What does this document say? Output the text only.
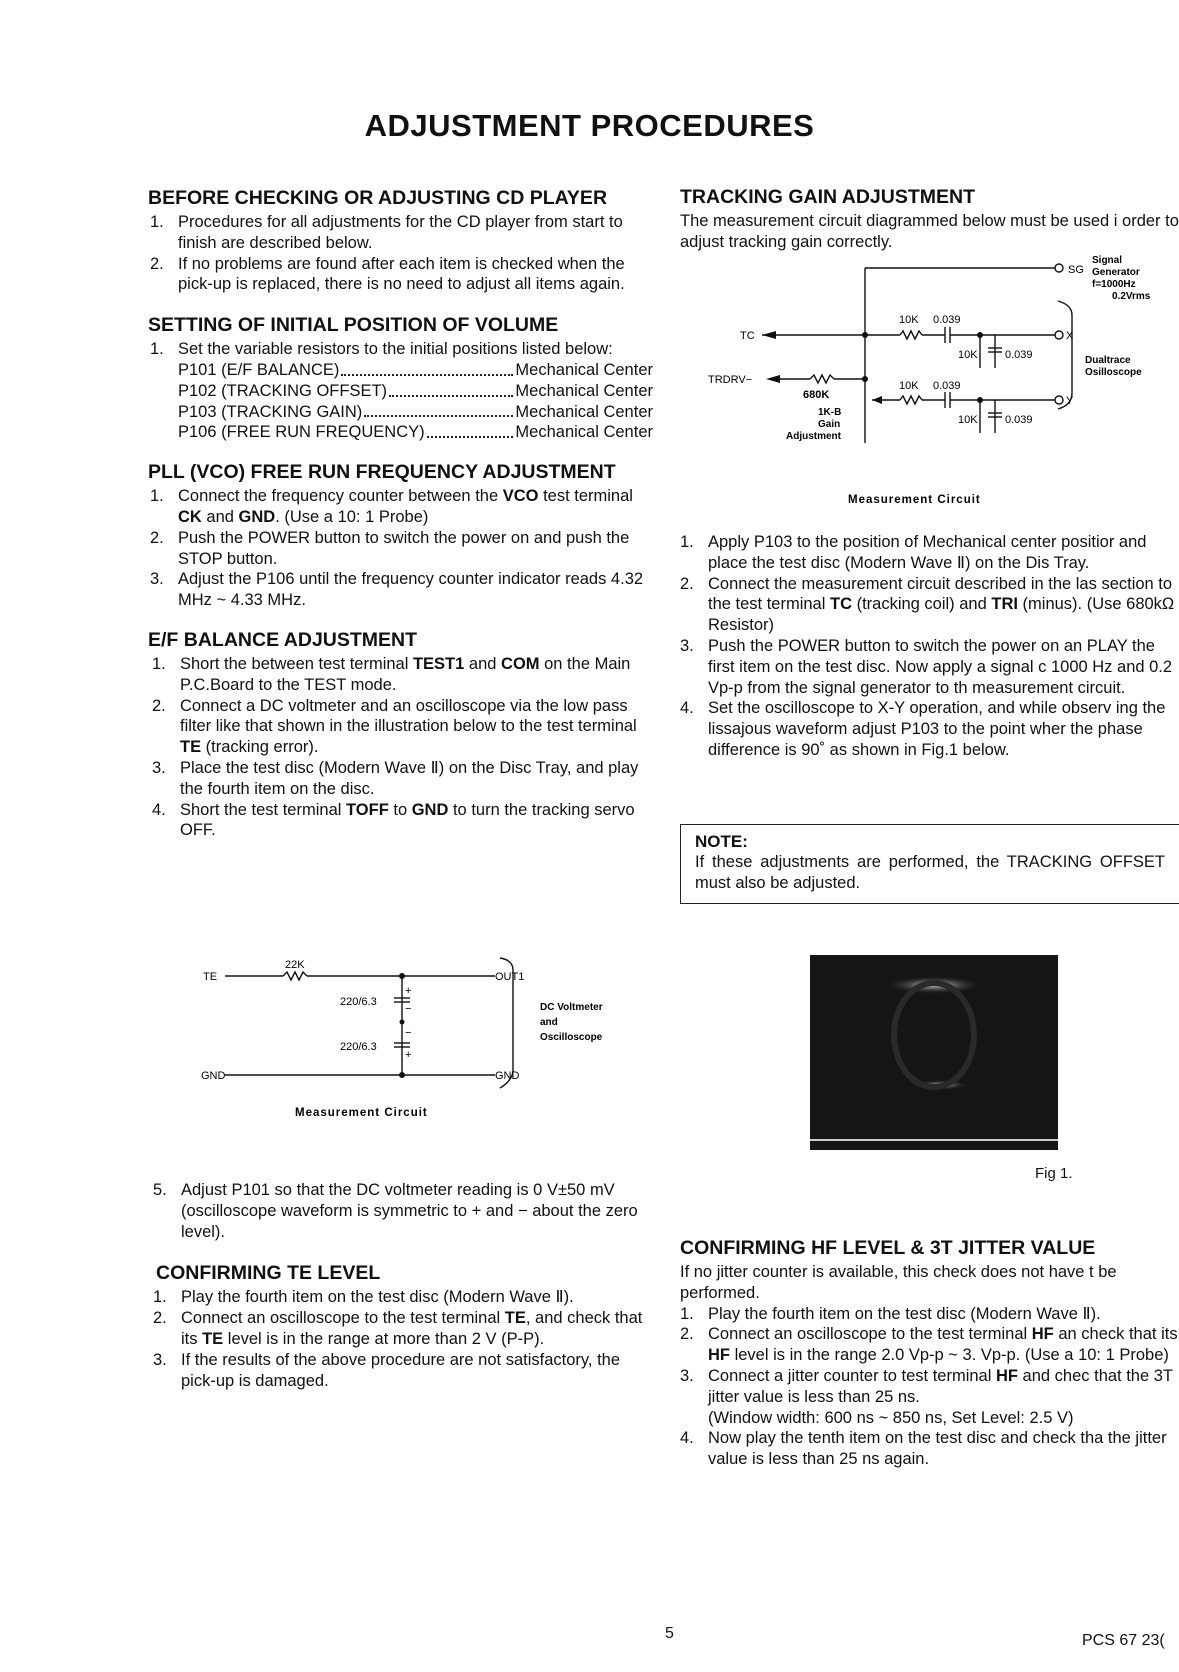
ADJUSTMENT PROCEDURES
BEFORE CHECKING OR ADJUSTING CD PLAYER
1. Procedures for all adjustments for the CD player from start to finish are described below.
2. If no problems are found after each item is checked when the pick-up is replaced, there is no need to adjust all items again.
SETTING OF INITIAL POSITION OF VOLUME
1. Set the variable resistors to the initial positions listed below:
P101 (E/F BALANCE)	Mechanical Center
P102 (TRACKING OFFSET)	Mechanical Center
P103 (TRACKING GAIN)	Mechanical Center
P106 (FREE RUN FREQUENCY)	Mechanical Center
PLL (VCO) FREE RUN FREQUENCY ADJUSTMENT
1. Connect the frequency counter between the VCO test terminal CK and GND. (Use a 10: 1 Probe)
2. Push the POWER button to switch the power on and push the STOP button.
3. Adjust the P106 until the frequency counter indicator reads 4.32 MHz ~ 4.33 MHz.
E/F BALANCE ADJUSTMENT
1. Short the between test terminal TEST1 and COM on the Main P.C.Board to the TEST mode.
2. Connect a DC voltmeter and an oscilloscope via the low pass filter like that shown in the illustration below to the test terminal TE (tracking error).
3. Place the test disc (Modern Wave Ⅱ) on the Disc Tray, and play the fourth item on the disc.
4. Short the test terminal TOFF to GND to turn the tracking servo OFF.
TE
GND
22K
220/6.3
220/6.3
+
−
−
+
OUT1
GND
DC Voltmeter
and
Oscilloscope
Measurement Circuit
5. Adjust P101 so that the DC voltmeter reading is 0 V±50 mV (oscilloscope waveform is symmetric to + and − about the zero level).
CONFIRMING TE LEVEL
1. Play the fourth item on the test disc (Modern Wave Ⅱ).
2. Connect an oscilloscope to the test terminal TE, and check that its TE level is in the range at more than 2 V (P-P).
3. If the results of the above procedure are not satisfactory, the pick-up is damaged.
TRACKING GAIN ADJUSTMENT

The measurement circuit diagrammed below must be used i order to adjust tracking gain correctly.

SG
Signal
Generator
f=1000Hz
0.2Vrms
TC
TRDRV−
680K
10K 0.039
10K 0.039
10K 0.039
10K 0.039
X
Y
Dualtrace
Osilloscope
1K-B
Gain
Adjustment
Measurement Circuit
1. Apply P103 to the position of Mechanical center positior and place the test disc (Modern Wave Ⅱ) on the Dis Tray.
2. Connect the measurement circuit described in the las section to the test terminal TC (tracking coil) and TRI (minus). (Use 680kΩ Resistor)
3. Push the POWER button to switch the power on an PLAY the first item on the test disc. Now apply a signal c 1000 Hz and 0.2 Vp-p from the signal generator to th measurement circuit.
4. Set the oscilloscope to X-Y operation, and while observ ing the lissajous waveform adjust P103 to the point wher the phase difference is 90˚ as shown in Fig.1 below.
NOTE:
If these adjustments are performed, the TRACKING OFFSET must also be adjusted.
Fig 1.
CONFIRMING HF LEVEL & 3T JITTER VALUE

If no jitter counter is available, this check does not have t be performed.

1. Play the fourth item on the test disc (Modern Wave Ⅱ).
2. Connect an oscilloscope to the test terminal HF an check that its HF level is in the range 2.0 Vp-p ~ 3. Vp-p. (Use a 10: 1 Probe)
3. Connect a jitter counter to test terminal HF and chec that the 3T jitter value is less than 25 ns.
(Window width: 600 ns ~ 850 ns, Set Level: 2.5 V)
4. Now play the tenth item on the test disc and check tha the jitter value is less than 25 ns again.
5	PCS 67 23(
